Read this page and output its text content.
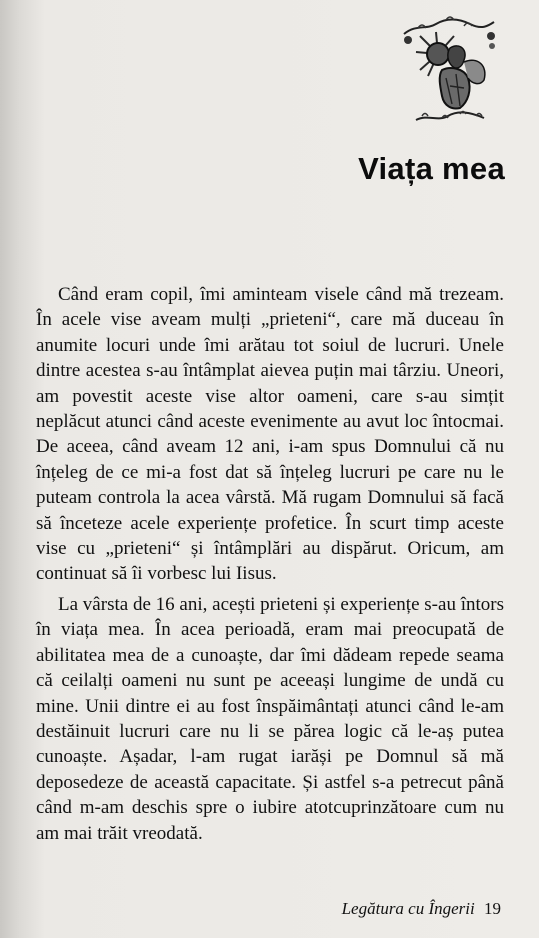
Viața mea

Când eram copil, îmi aminteam visele când mă trezeam. În acele vise aveam mulți „prieteni“, care mă duceau în anumite locuri unde îmi arătau tot soiul de lucruri. Unele dintre acestea s-au întâmplat aievea puțin mai târziu. Uneori, am povestit aceste vise altor oameni, care s-au simțit neplăcut atunci când aceste evenimente au avut loc întocmai. De aceea, când aveam 12 ani, i-am spus Domnului că nu înțeleg de ce mi-a fost dat să înțeleg lucruri pe care nu le puteam controla la acea vârstă. Mă rugam Domnului să facă să înceteze acele experiențe profetice. În scurt timp aceste vise cu „prieteni“ și întâmplări au dispărut. Oricum, am continuat să îi vorbesc lui Iisus.

La vârsta de 16 ani, acești prieteni și experiențe s-au întors în viața mea. În acea perioadă, eram mai preocupată de abilitatea mea de a cunoaște, dar îmi dădeam repede seama că ceilalți oameni nu sunt pe aceeași lungime de undă cu mine. Unii dintre ei au fost înspăimântați atunci când le-am destăinuit lucruri care nu li se părea logic că le-aș putea cunoaște. Așadar, l-am rugat iarăși pe Domnul să mă deposedeze de această capacitate. Și astfel s-a petrecut până când m-am deschis spre o iubire atotcuprinzătoare cum nu am mai trăit vreodată.

Legătura cu Îngerii 19
